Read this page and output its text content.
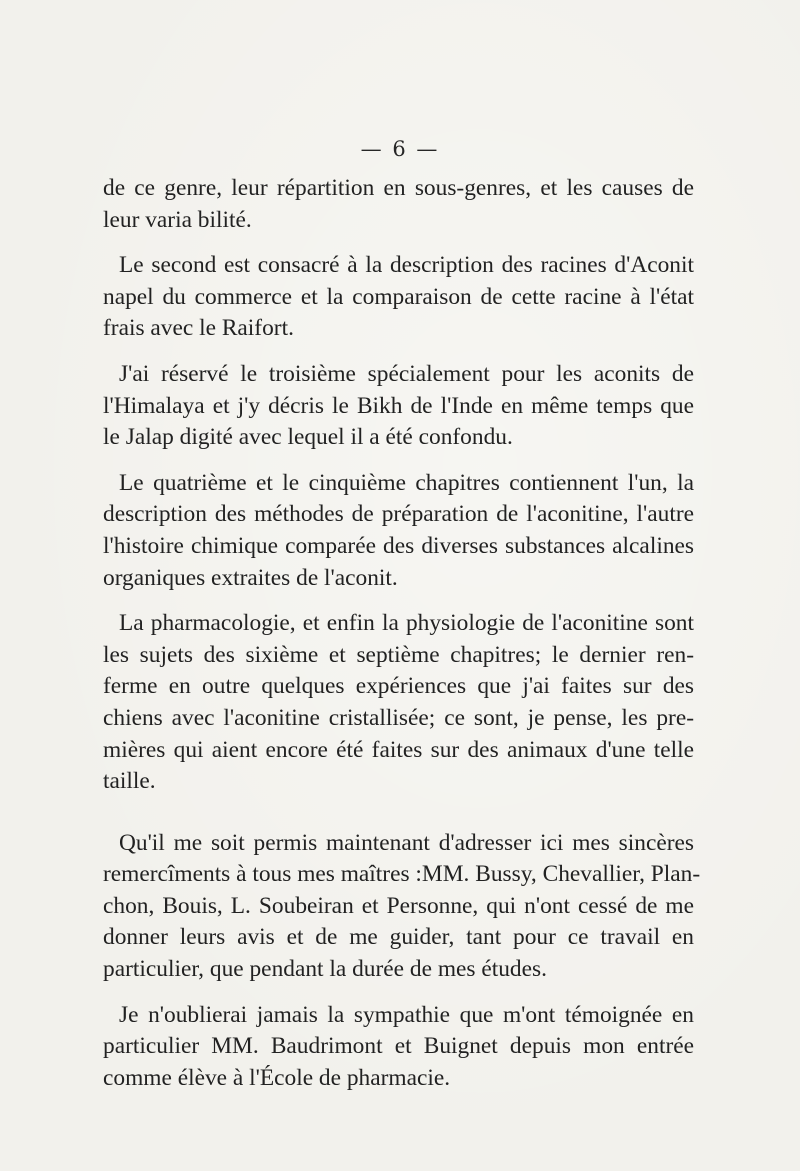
— 6 —
de ce genre, leur répartition en sous-genres, et les causes de
leur varia bilité.
Le second est consacré à la description des racines d'Aconit
napel du commerce et la comparaison de cette racine à l'état
frais avec le Raifort.
J'ai réservé le troisième spécialement pour les aconits de
l'Himalaya et j'y décris le Bikh de l'Inde en même temps que
le Jalap digité avec lequel il a été confondu.
Le quatrième et le cinquième chapitres contiennent l'un, la
description des méthodes de préparation de l'aconitine, l'autre
l'histoire chimique comparée des diverses substances alcalines
organiques extraites de l'aconit.
La pharmacologie, et enfin la physiologie de l'aconitine sont
les sujets des sixième et septième chapitres; le dernier ren-
ferme en outre quelques expériences que j'ai faites sur des
chiens avec l'aconitine cristallisée; ce sont, je pense, les pre-
mières qui aient encore été faites sur des animaux d'une telle
taille.
Qu'il me soit permis maintenant d'adresser ici mes sincères
remercîments à tous mes maîtres :MM. Bussy, Chevallier, Plan-
chon, Bouis, L. Soubeiran et Personne, qui n'ont cessé de me
donner leurs avis et de me guider, tant pour ce travail en
particulier, que pendant la durée de mes études.
Je n'oublierai jamais la sympathie que m'ont témoignée en
particulier MM. Baudrimont et Buignet depuis mon entrée
comme élève à l'École de pharmacie.
